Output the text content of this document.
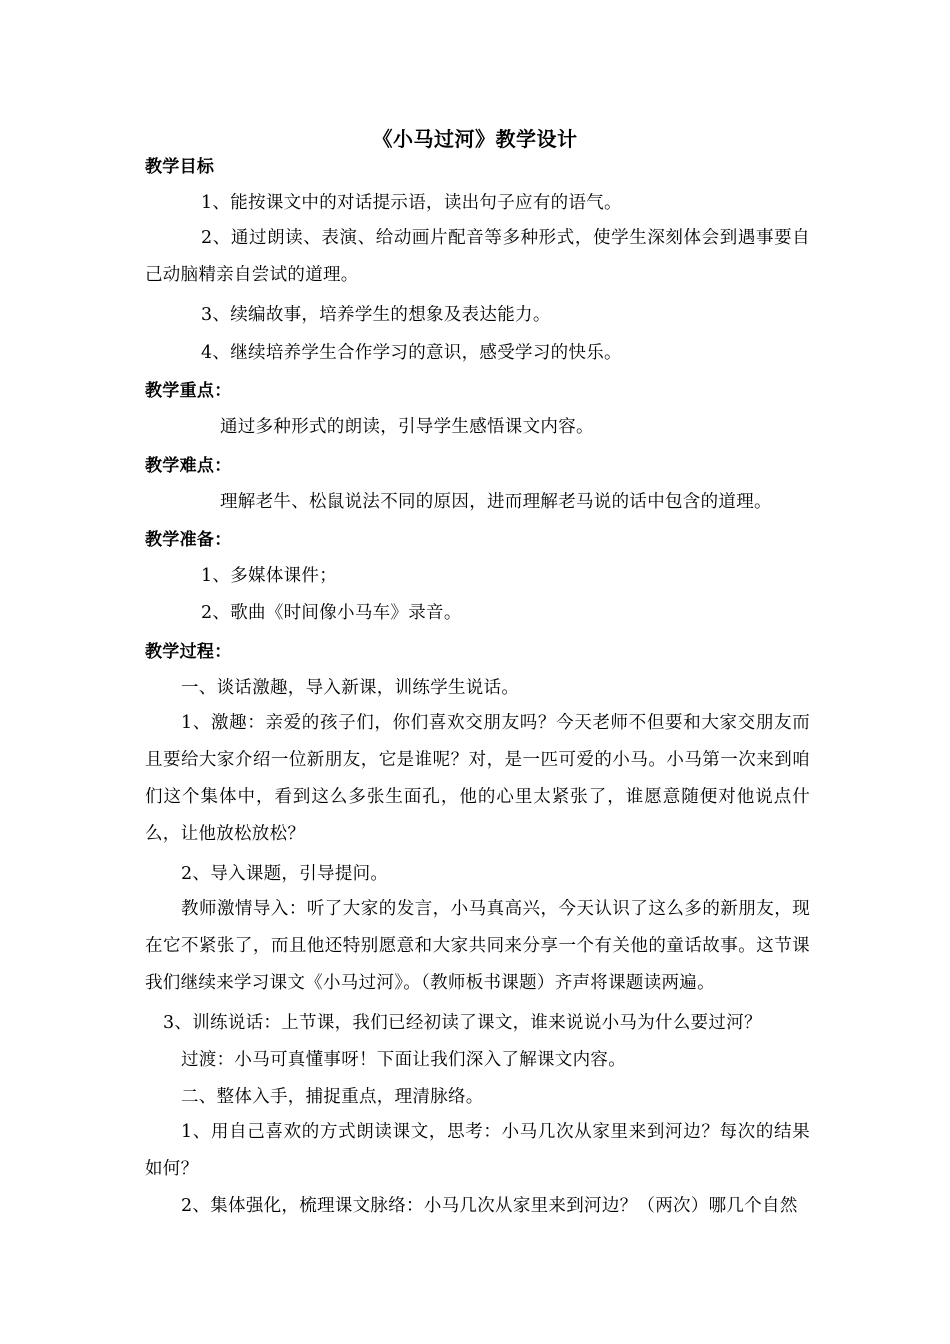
《小马过河》教学设计
教学目标
1、能按课文中的对话提示语，读出句子应有的语气。
2、通过朗读、表演、给动画片配音等多种形式，使学生深刻体会到遇事要自己动脑精亲自尝试的道理。
3、续编故事，培养学生的想象及表达能力。
4、继续培养学生合作学习的意识，感受学习的快乐。
教学重点：
通过多种形式的朗读，引导学生感悟课文内容。
教学难点：
理解老牛、松鼠说法不同的原因，进而理解老马说的话中包含的道理。
教学准备：
1、多媒体课件；
2、歌曲《时间像小马车》录音。
教学过程：
一、谈话激趣，导入新课，训练学生说话。
1、激趣：亲爱的孩子们，你们喜欢交朋友吗？今天老师不但要和大家交朋友而且要给大家介绍一位新朋友，它是谁呢？对，是一匹可爱的小马。小马第一次来到咱们这个集体中，看到这么多张生面孔，他的心里太紧张了，谁愿意随便对他说点什么，让他放松放松？
2、导入课题，引导提问。
教师激情导入：听了大家的发言，小马真高兴，今天认识了这么多的新朋友，现在它不紧张了，而且他还特别愿意和大家共同来分享一个有关他的童话故事。这节课我们继续来学习课文《小马过河》。（教师板书课题）齐声将课题读两遍。
3、训练说话：上节课，我们已经初读了课文，谁来说说小马为什么要过河？
过渡：小马可真懂事呀！下面让我们深入了解课文内容。
二、整体入手，捕捉重点，理清脉络。
1、用自己喜欢的方式朗读课文，思考：小马几次从家里来到河边？每次的结果如何？
2、集体强化，梳理课文脉络：小马几次从家里来到河边？（两次）哪几个自然
